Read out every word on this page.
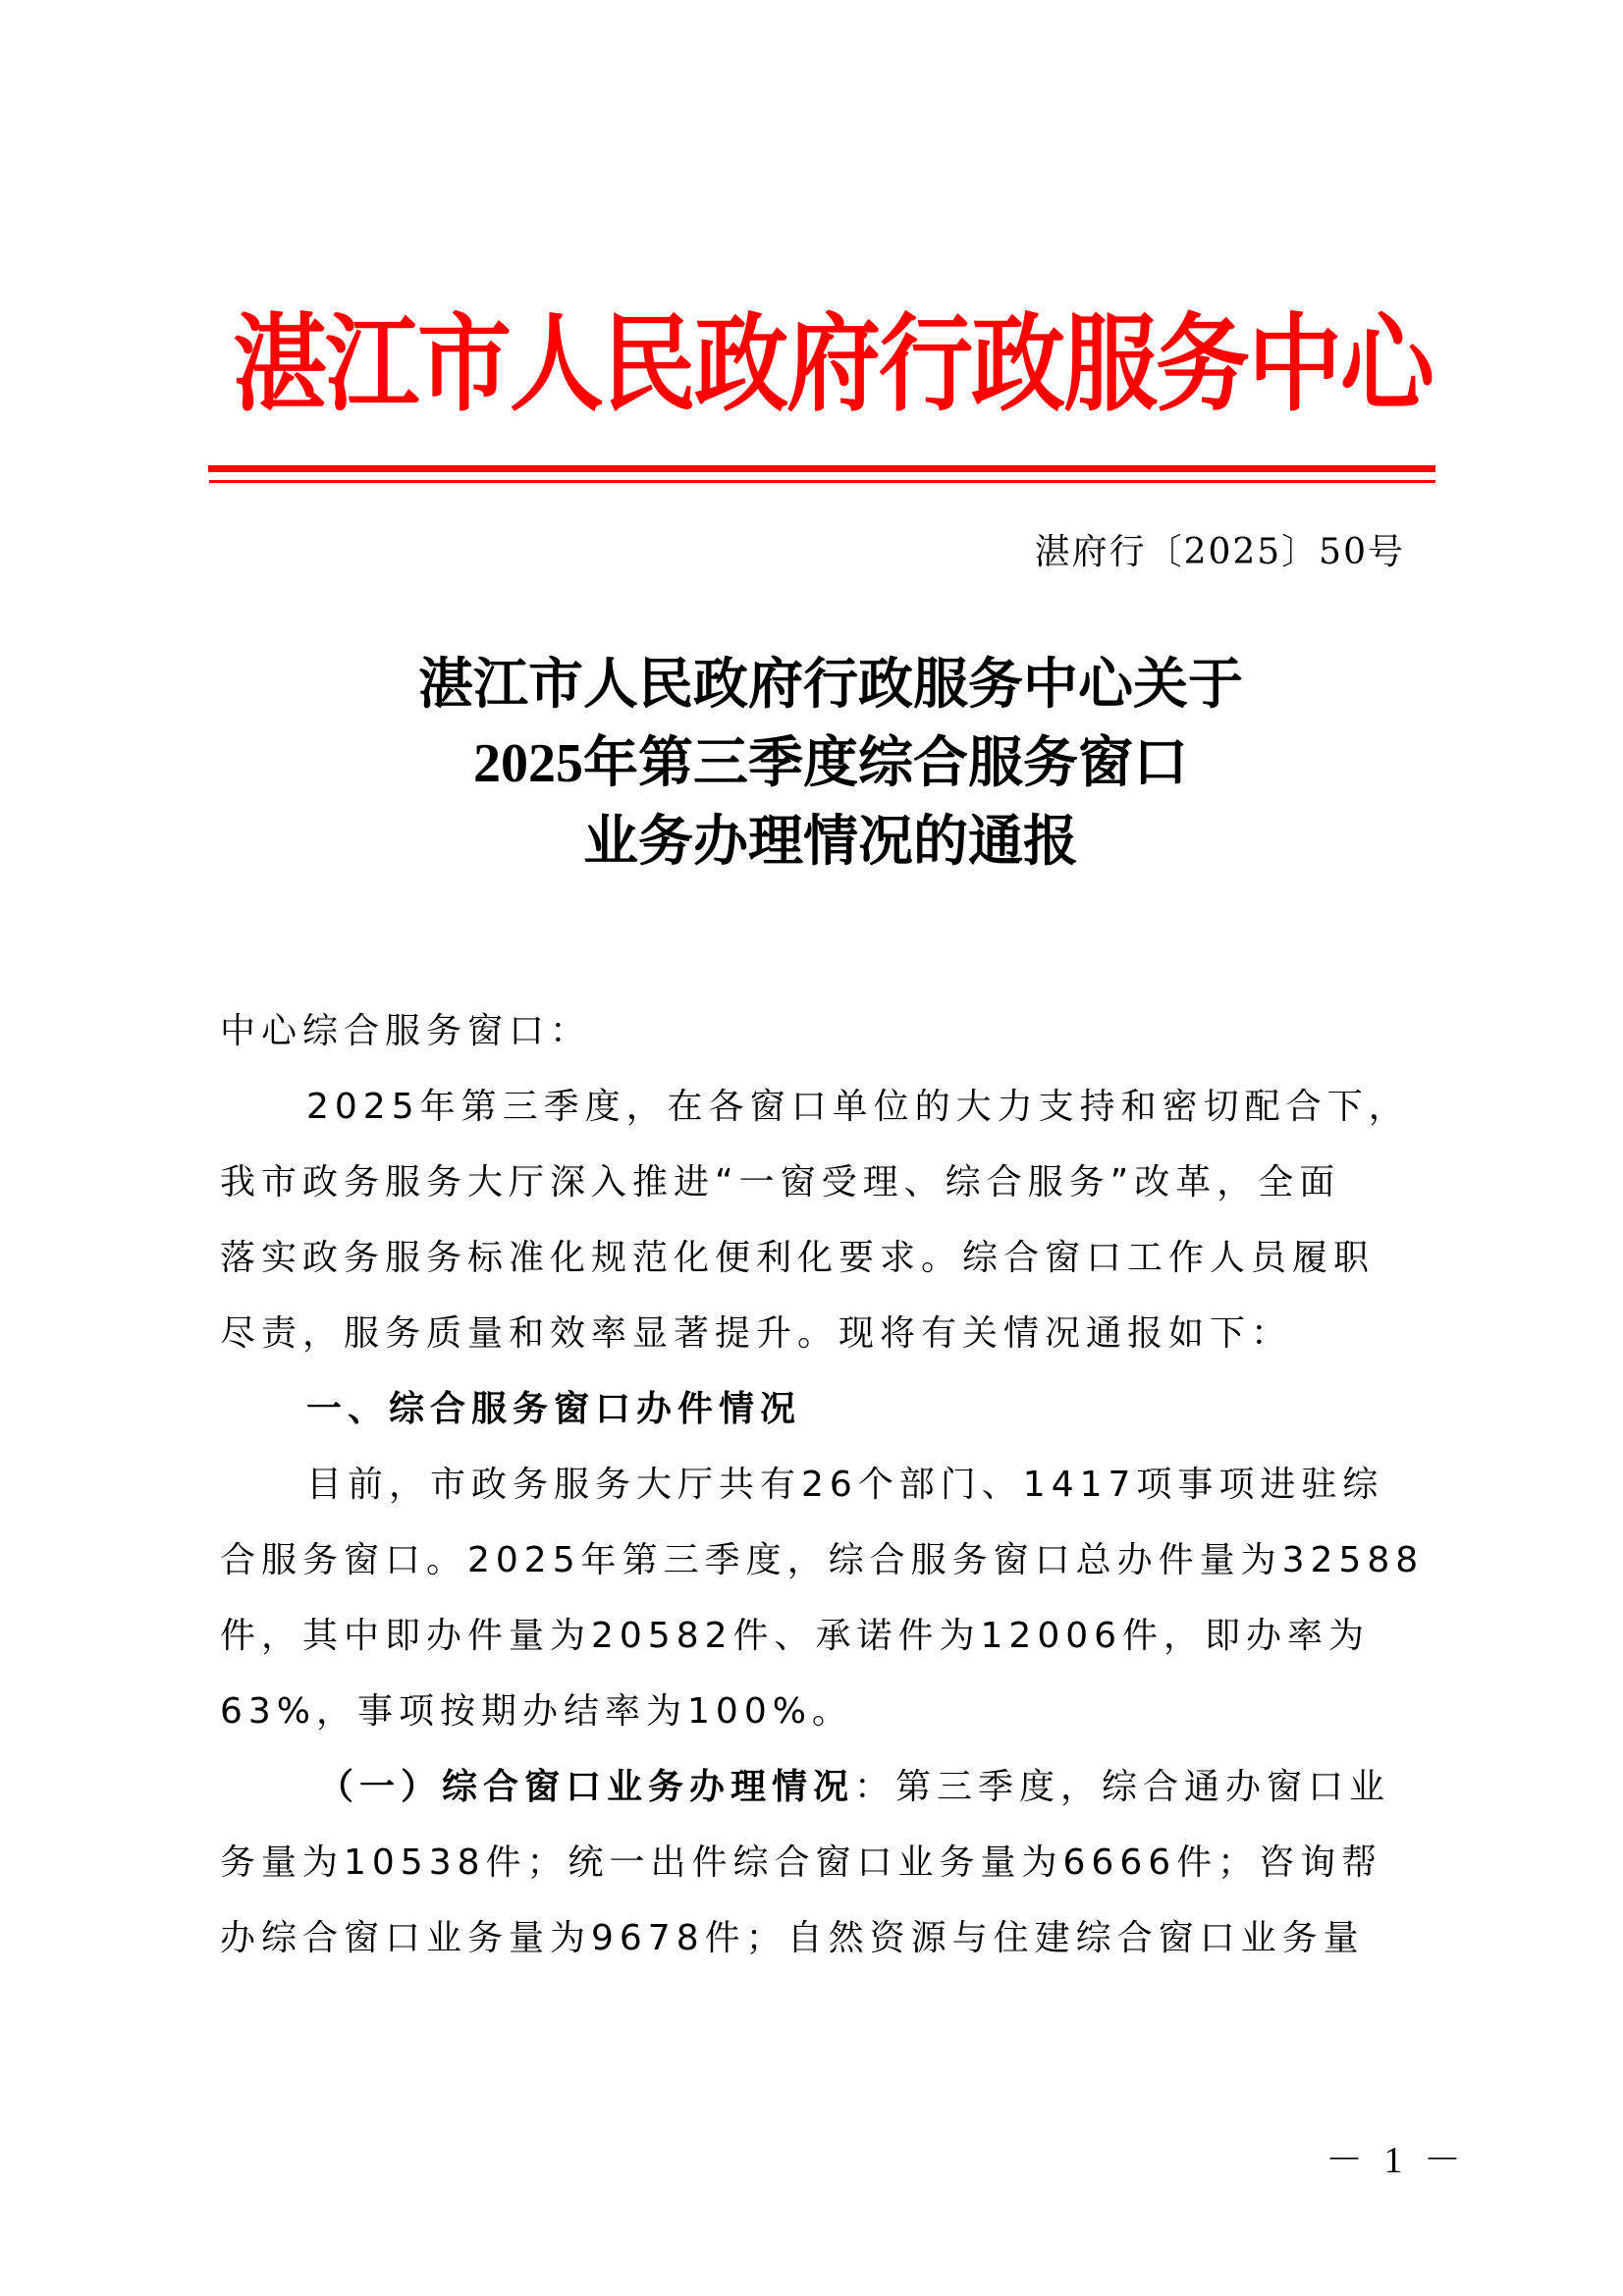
湛江市人民政府行政服务中心
湛府行〔2025〕50号
湛江市人民政府行政服务中心关于
2025年第三季度综合服务窗口
业务办理情况的通报
中心综合服务窗口：
2025年第三季度，在各窗口单位的大力支持和密切配合下，
我市政务服务大厅深入推进“一窗受理、综合服务”改革，全面
落实政务服务标准化规范化便利化要求。综合窗口工作人员履职
尽责，服务质量和效率显著提升。现将有关情况通报如下：
一、综合服务窗口办件情况
目前，市政务服务大厅共有26个部门、1417项事项进驻综
合服务窗口。2025年第三季度，综合服务窗口总办件量为32588
件，其中即办件量为20582件、承诺件为12006件，即办率为
63%，事项按期办结率为100%。
（一）综合窗口业务办理情况：第三季度，综合通办窗口业
务量为10538件；统一出件综合窗口业务量为6666件；咨询帮
办综合窗口业务量为9678件；自然资源与住建综合窗口业务量
－ 1 －
